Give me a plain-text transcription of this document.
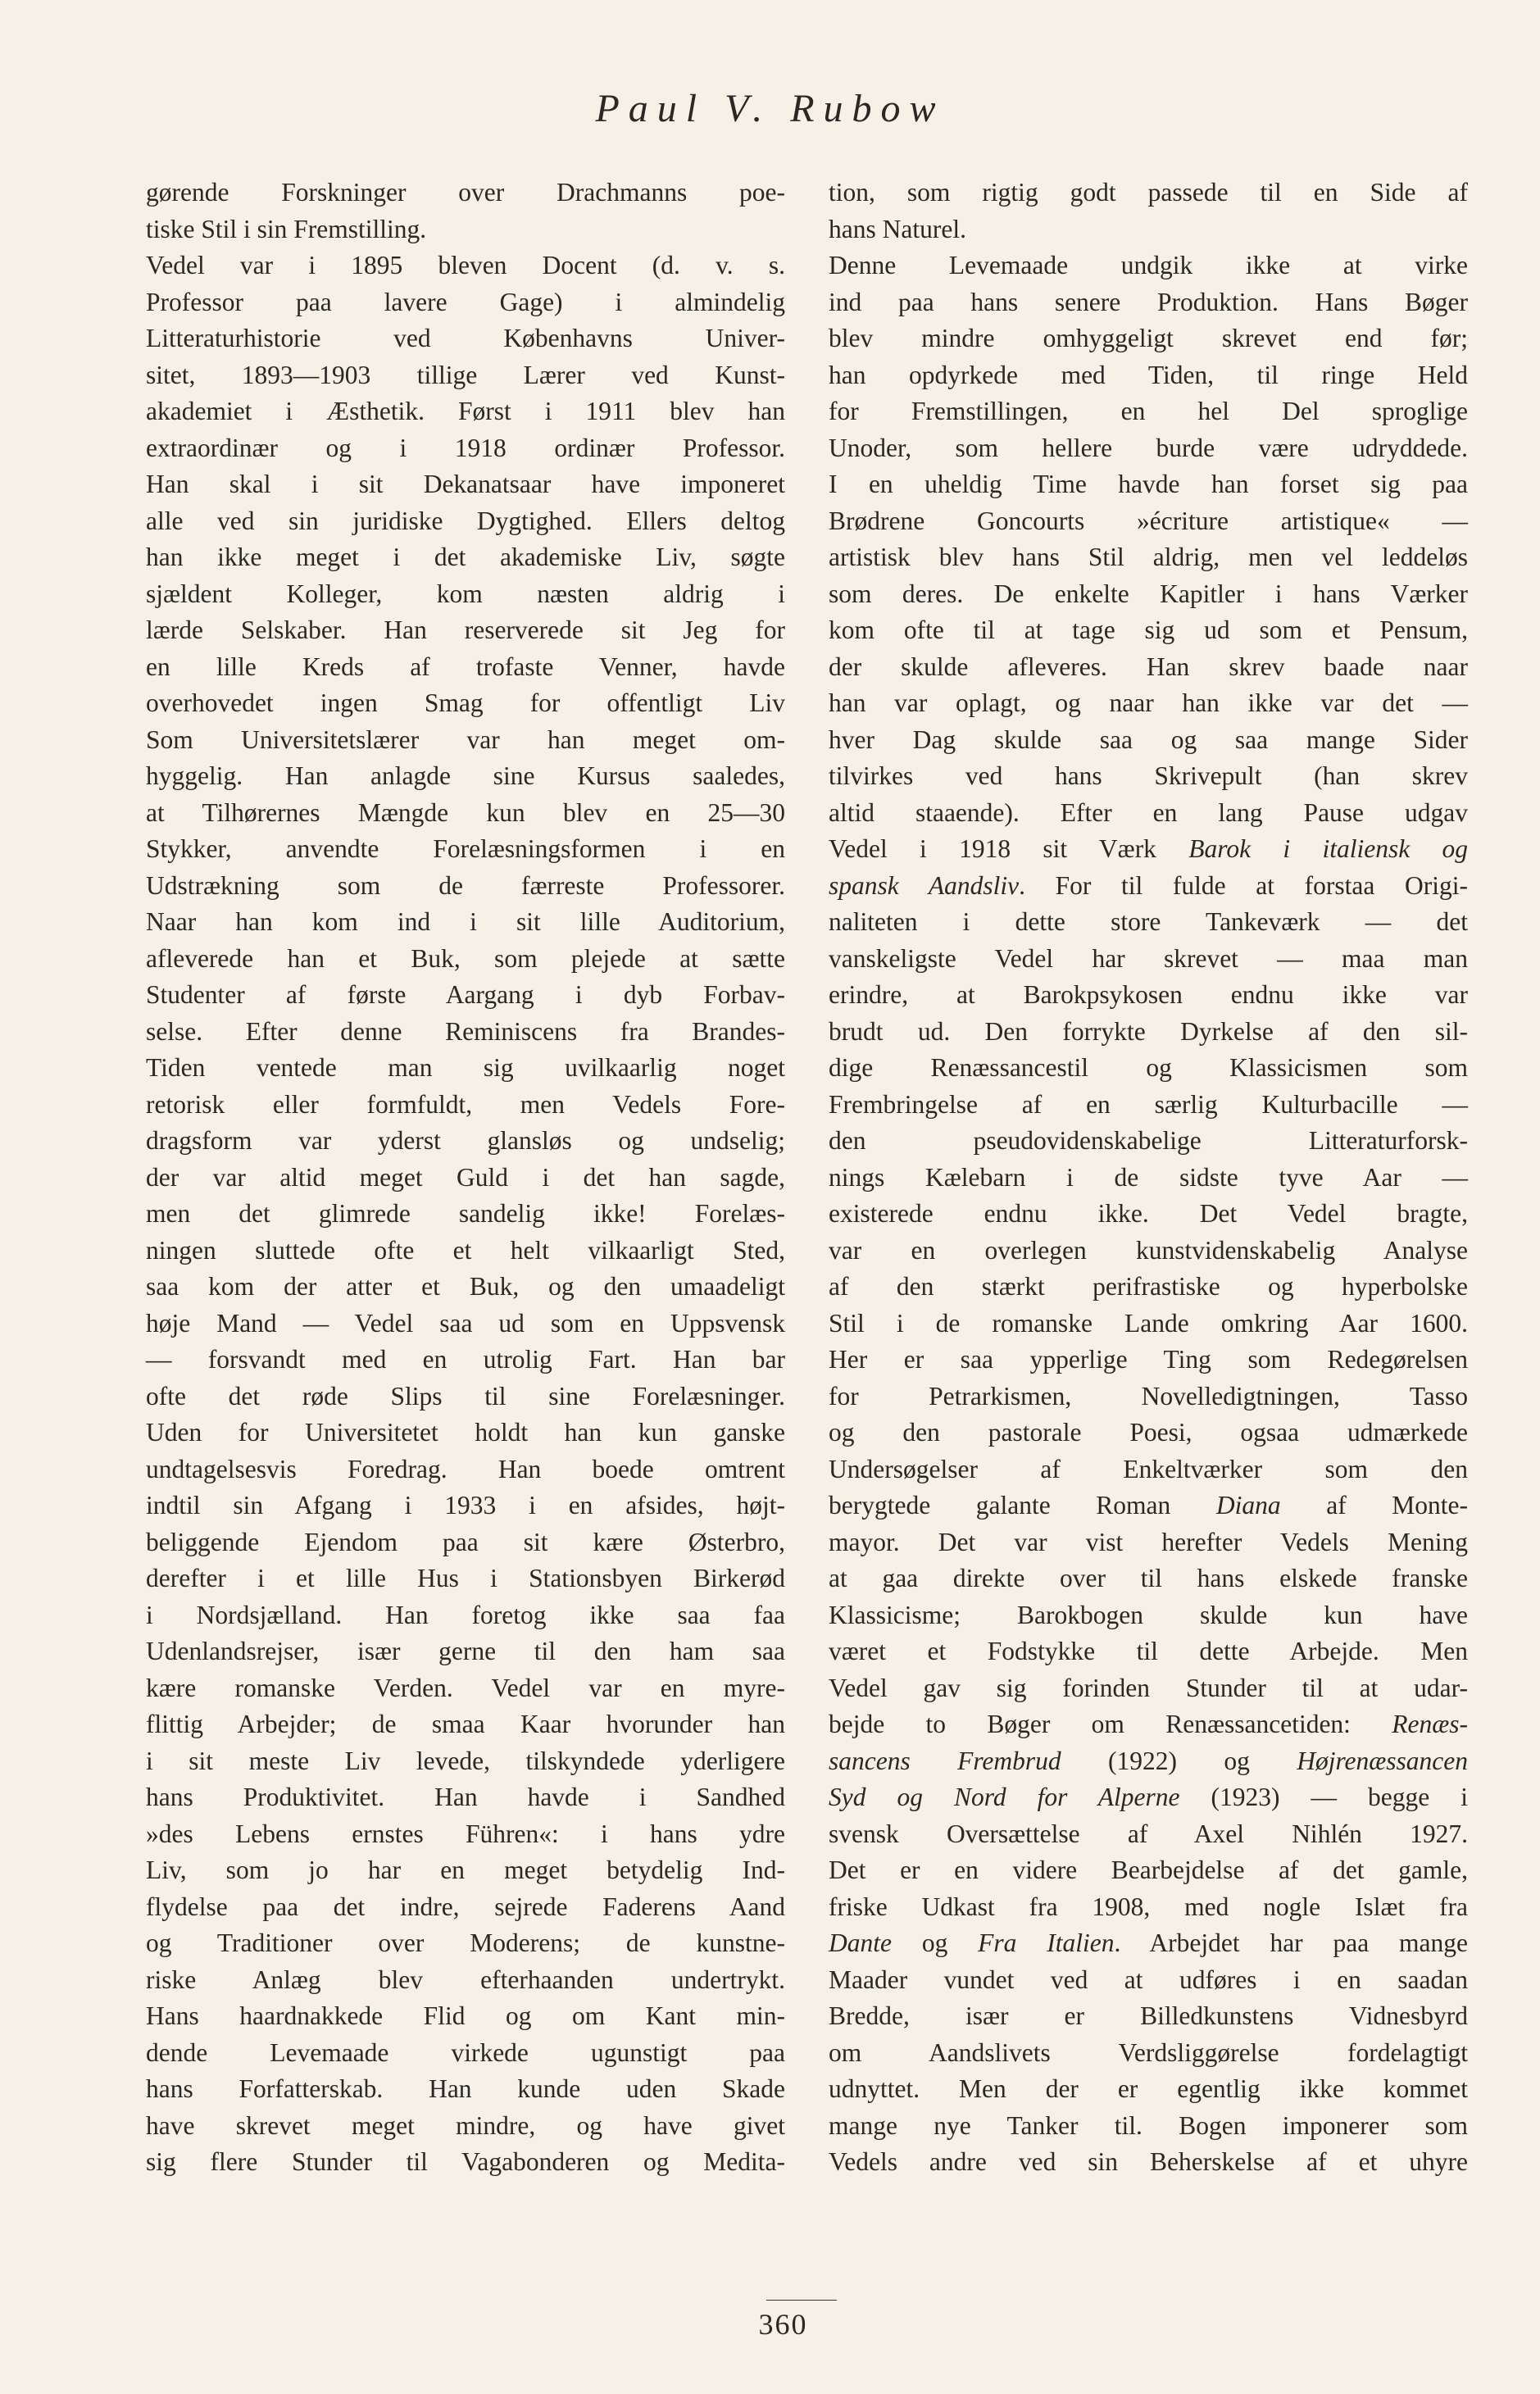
Paul V. Rubow
gørende Forskninger over Drachmanns poe-
tiske Stil i sin Fremstilling.
Vedel var i 1895 bleven Docent (d. v. s.
Professor paa lavere Gage) i almindelig
Litteraturhistorie ved Københavns Univer-
sitet, 1893—1903 tillige Lærer ved Kunst-
akademiet i Æsthetik. Først i 1911 blev han
extraordinær og i 1918 ordinær Professor.
Han skal i sit Dekanatsaar have imponeret
alle ved sin juridiske Dygtighed. Ellers deltog
han ikke meget i det akademiske Liv, søgte
sjældent Kolleger, kom næsten aldrig i
lærde Selskaber. Han reserverede sit Jeg for
en lille Kreds af trofaste Venner, havde
overhovedet ingen Smag for offentligt Liv
Som Universitetslærer var han meget om-
hyggelig. Han anlagde sine Kursus saaledes,
at Tilhørernes Mængde kun blev en 25—30
Stykker, anvendte Forelæsningsformen i en
Udstrækning som de færreste Professorer.
Naar han kom ind i sit lille Auditorium,
afleverede han et Buk, som plejede at sætte
Studenter af første Aargang i dyb Forbav-
selse. Efter denne Reminiscens fra Brandes-
Tiden ventede man sig uvilkaarlig noget
retorisk eller formfuldt, men Vedels Fore-
dragsform var yderst glansløs og undselig;
der var altid meget Guld i det han sagde,
men det glimrede sandelig ikke! Forelæs-
ningen sluttede ofte et helt vilkaarligt Sted,
saa kom der atter et Buk, og den umaadeligt
høje Mand — Vedel saa ud som en Uppsvensk
— forsvandt med en utrolig Fart. Han bar
ofte det røde Slips til sine Forelæsninger.
Uden for Universitetet holdt han kun ganske
undtagelsesvis Foredrag. Han boede omtrent
indtil sin Afgang i 1933 i en afsides, højt-
beliggende Ejendom paa sit kære Østerbro,
derefter i et lille Hus i Stationsbyen Birkerød
i Nordsjælland. Han foretog ikke saa faa
Udenlandsrejser, især gerne til den ham saa
kære romanske Verden. Vedel var en myre-
flittig Arbejder; de smaa Kaar hvorunder han
i sit meste Liv levede, tilskyndede yderligere
hans Produktivitet. Han havde i Sandhed
»des Lebens ernstes Führen«: i hans ydre
Liv, som jo har en meget betydelig Ind-
flydelse paa det indre, sejrede Faderens Aand
og Traditioner over Moderens; de kunstne-
riske Anlæg blev efterhaanden undertrykt.
Hans haardnakkede Flid og om Kant min-
dende Levemaade virkede ugunstigt paa
hans Forfatterskab. Han kunde uden Skade
have skrevet meget mindre, og have givet
sig flere Stunder til Vagabonderen og Medita-
tion, som rigtig godt passede til en Side af
hans Naturel.
Denne Levemaade undgik ikke at virke
ind paa hans senere Produktion. Hans Bøger
blev mindre omhyggeligt skrevet end før;
han opdyrkede med Tiden, til ringe Held
for Fremstillingen, en hel Del sproglige
Unoder, som hellere burde være udryddede.
I en uheldig Time havde han forset sig paa
Brødrene Goncourts »écriture artistique« —
artistisk blev hans Stil aldrig, men vel leddeløs
som deres. De enkelte Kapitler i hans Værker
kom ofte til at tage sig ud som et Pensum,
der skulde afleveres. Han skrev baade naar
han var oplagt, og naar han ikke var det —
hver Dag skulde saa og saa mange Sider
tilvirkes ved hans Skrivepult (han skrev
altid staaende). Efter en lang Pause udgav
Vedel i 1918 sit Værk Barok i italiensk og
spansk Aandsliv. For til fulde at forstaa Origi-
naliteten i dette store Tankeværk — det
vanskeligste Vedel har skrevet — maa man
erindre, at Barokpsykosen endnu ikke var
brudt ud. Den forrykte Dyrkelse af den sil-
dige Renæssancestil og Klassicismen som
Frembringelse af en særlig Kulturbacille —
den pseudovidenskabelige Litteraturforsk-
nings Kælebarn i de sidste tyve Aar —
existerede endnu ikke. Det Vedel bragte,
var en overlegen kunstvidenskabelig Analyse
af den stærkt perifrastiske og hyperbolske
Stil i de romanske Lande omkring Aar 1600.
Her er saa ypperlige Ting som Redegørelsen
for Petrarkismen, Novelledigtningen, Tasso
og den pastorale Poesi, ogsaa udmærkede
Undersøgelser af Enkeltværker som den
berygtede galante Roman Diana af Monte-
mayor. Det var vist herefter Vedels Mening
at gaa direkte over til hans elskede franske
Klassicisme; Barokbogen skulde kun have
været et Fodstykke til dette Arbejde. Men
Vedel gav sig forinden Stunder til at udar-
bejde to Bøger om Renæssancetiden: Renæs-
sancens Frembrud (1922) og Højrenæssancen
Syd og Nord for Alperne (1923) — begge i
svensk Oversættelse af Axel Nihlén 1927.
Det er en videre Bearbejdelse af det gamle,
friske Udkast fra 1908, med nogle Islæt fra
Dante og Fra Italien. Arbejdet har paa mange
Maader vundet ved at udføres i en saadan
Bredde, især er Billedkunstens Vidnesbyrd
om Aandslivets Verdsliggørelse fordelagtigt
udnyttet. Men der er egentlig ikke kommet
mange nye Tanker til. Bogen imponerer som
Vedels andre ved sin Beherskelse af et uhyre
360
